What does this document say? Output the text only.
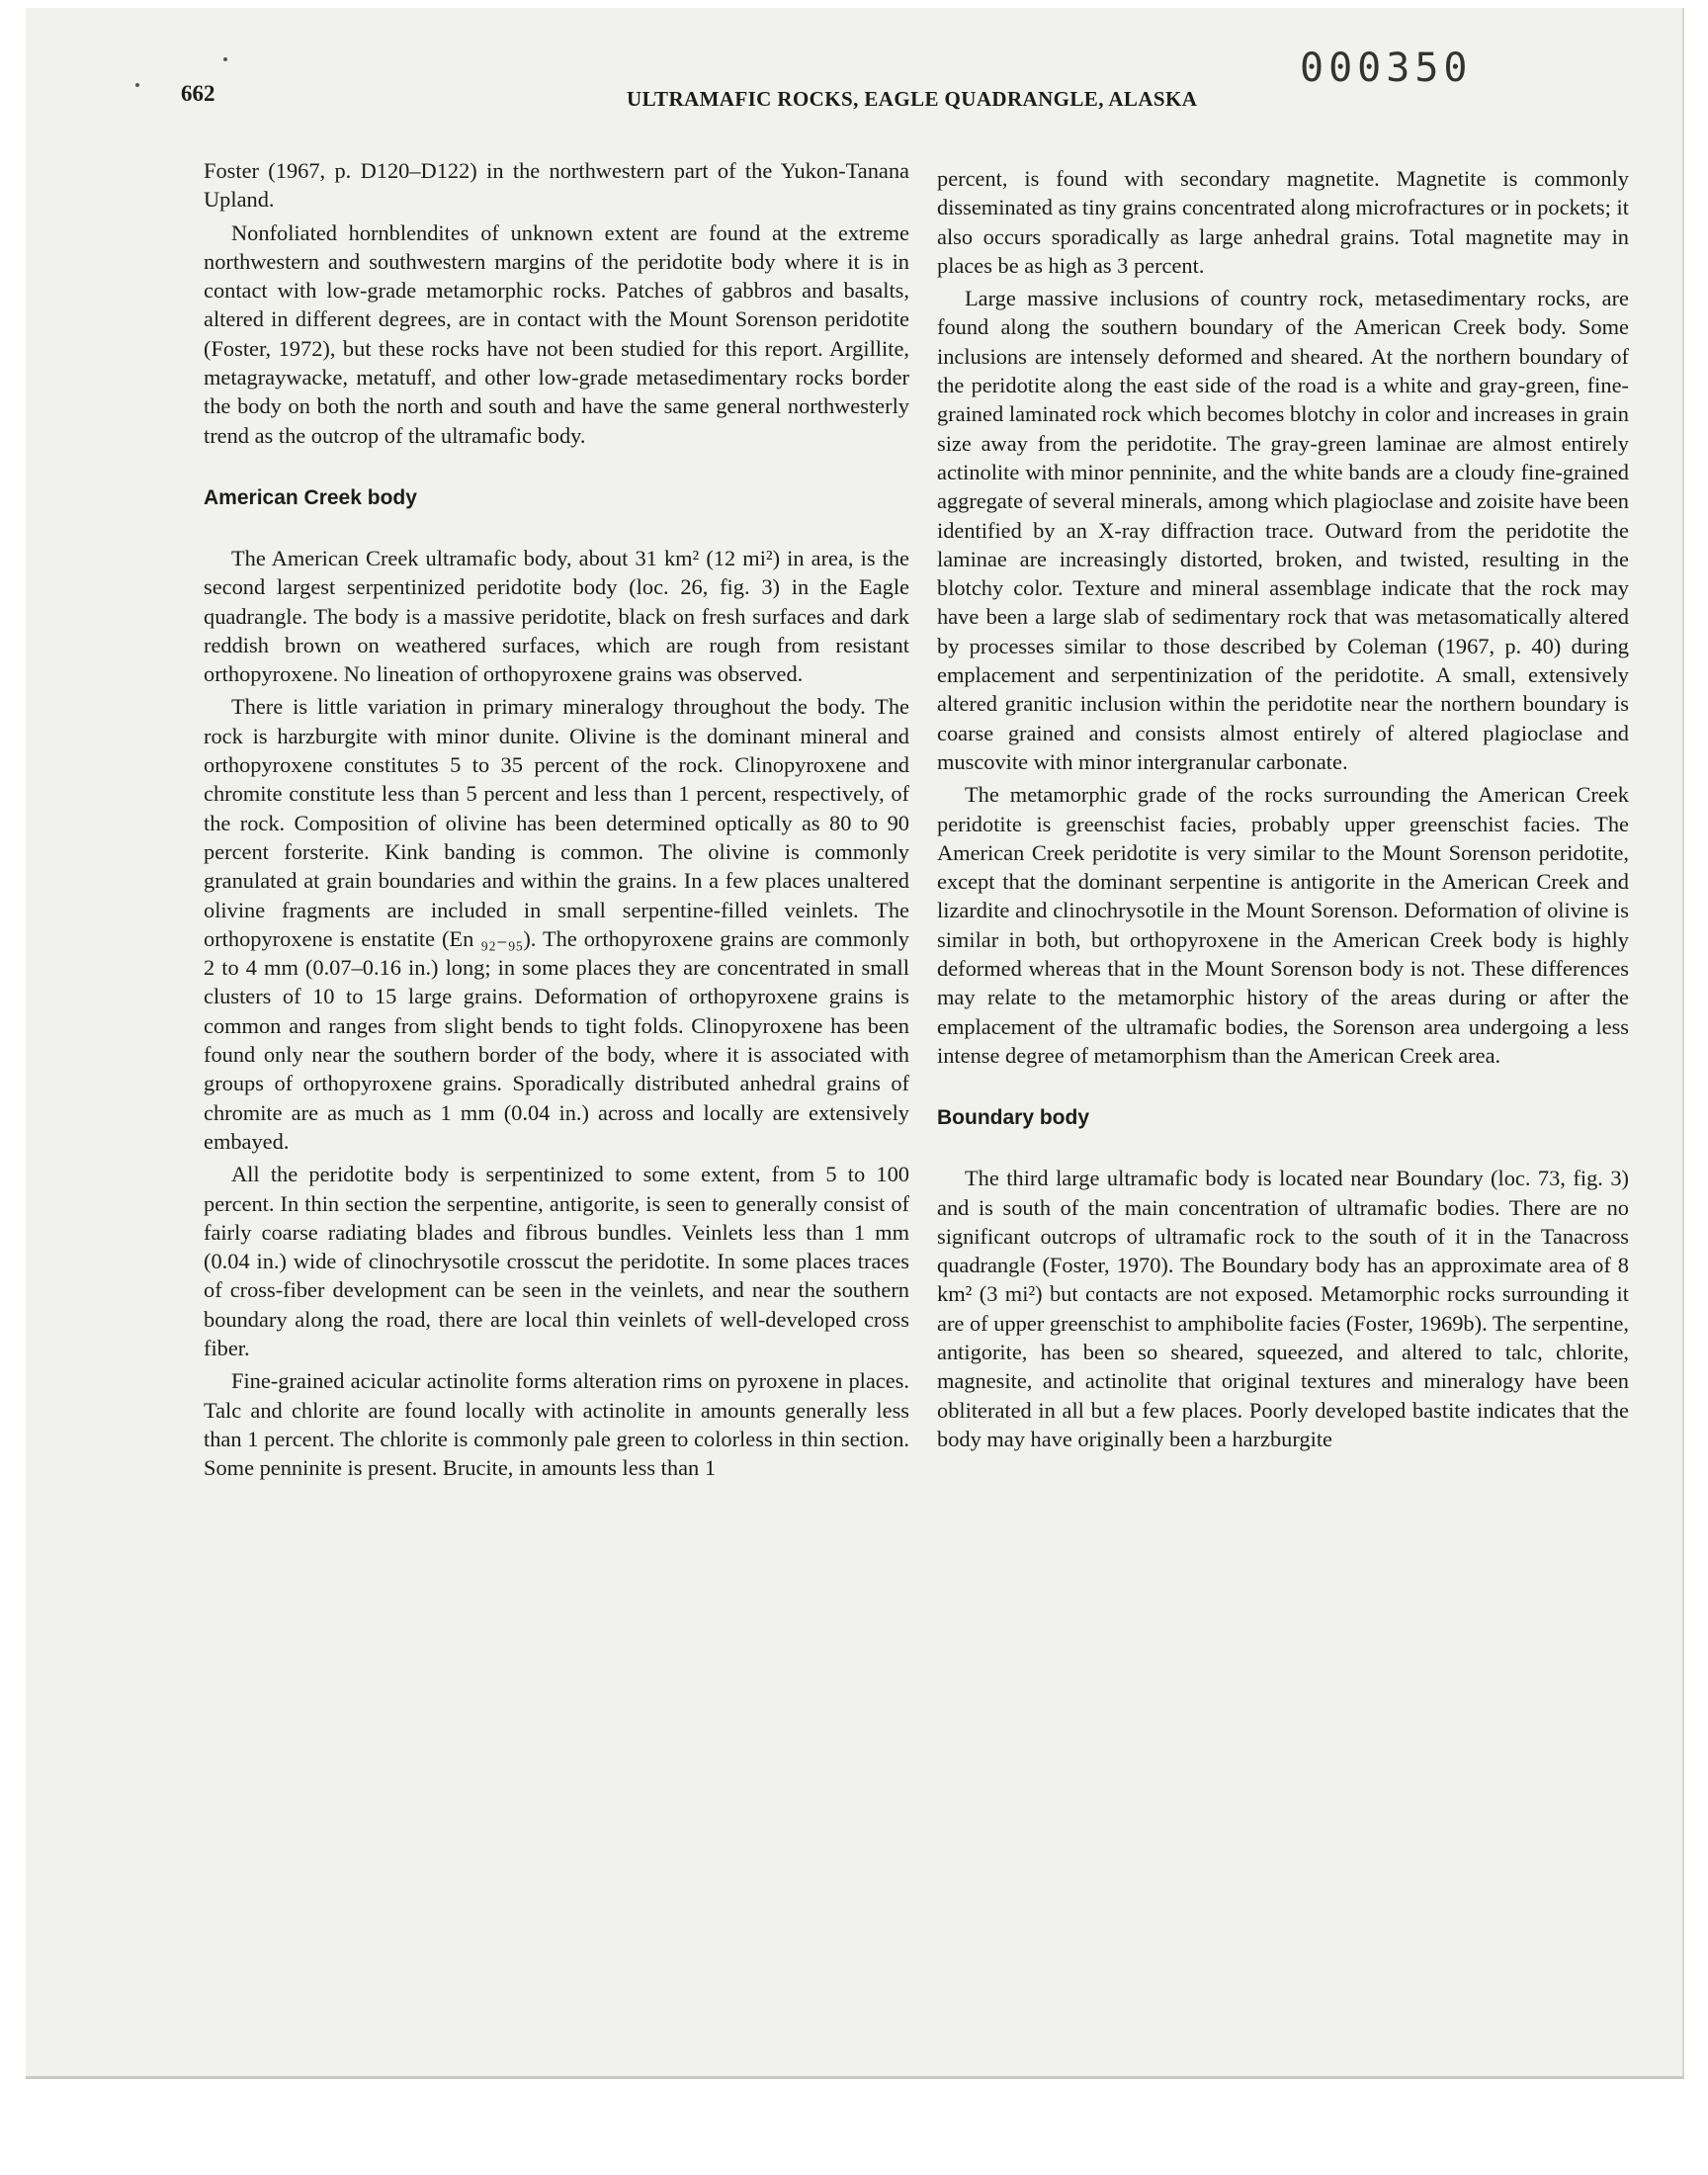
662	ULTRAMAFIC ROCKS, EAGLE QUADRANGLE, ALASKA
000350

Foster (1967, p. D120–D122) in the northwestern part of the Yukon-Tanana Upland.

Nonfoliated hornblendites of unknown extent are found at the extreme northwestern and southwestern margins of the peridotite body where it is in contact with low-grade metamorphic rocks. Patches of gabbros and basalts, altered in different degrees, are in contact with the Mount Sorenson peridotite (Foster, 1972), but these rocks have not been studied for this report. Argillite, metagraywacke, metatuff, and other low-grade metasedimentary rocks border the body on both the north and south and have the same general northwesterly trend as the outcrop of the ultramafic body.

American Creek body

The American Creek ultramafic body, about 31 km² (12 mi²) in area, is the second largest serpentinized peridotite body (loc. 26, fig. 3) in the Eagle quadrangle. The body is a massive peridotite, black on fresh surfaces and dark reddish brown on weathered surfaces, which are rough from resistant orthopyroxene. No lineation of orthopyroxene grains was observed.

There is little variation in primary mineralogy throughout the body. The rock is harzburgite with minor dunite. Olivine is the dominant mineral and orthopyroxene constitutes 5 to 35 percent of the rock. Clinopyroxene and chromite constitute less than 5 percent and less than 1 percent, respectively, of the rock. Composition of olivine has been determined optically as 80 to 90 percent forsterite. Kink banding is common. The olivine is commonly granulated at grain boundaries and within the grains. In a few places unaltered olivine fragments are included in small serpentine-filled veinlets. The orthopyroxene is enstatite (En ₉₂₋₉₅). The orthopyroxene grains are commonly 2 to 4 mm (0.07–0.16 in.) long; in some places they are concentrated in small clusters of 10 to 15 large grains. Deformation of orthopyroxene grains is common and ranges from slight bends to tight folds. Clinopyroxene has been found only near the southern border of the body, where it is associated with groups of orthopyroxene grains. Sporadically distributed anhedral grains of chromite are as much as 1 mm (0.04 in.) across and locally are extensively embayed.

All the peridotite body is serpentinized to some extent, from 5 to 100 percent. In thin section the serpentine, antigorite, is seen to generally consist of fairly coarse radiating blades and fibrous bundles. Veinlets less than 1 mm (0.04 in.) wide of clinochrysotile crosscut the peridotite. In some places traces of cross-fiber development can be seen in the veinlets, and near the southern boundary along the road, there are local thin veinlets of well-developed cross fiber.

Fine-grained acicular actinolite forms alteration rims on pyroxene in places. Talc and chlorite are found locally with actinolite in amounts generally less than 1 percent. The chlorite is commonly pale green to colorless in thin section. Some penninite is present. Brucite, in amounts less than 1

percent, is found with secondary magnetite. Magnetite is commonly disseminated as tiny grains concentrated along microfractures or in pockets; it also occurs sporadically as large anhedral grains. Total magnetite may in places be as high as 3 percent.

Large massive inclusions of country rock, metasedimentary rocks, are found along the southern boundary of the American Creek body. Some inclusions are intensely deformed and sheared. At the northern boundary of the peridotite along the east side of the road is a white and gray-green, fine-grained laminated rock which becomes blotchy in color and increases in grain size away from the peridotite. The gray-green laminae are almost entirely actinolite with minor penninite, and the white bands are a cloudy fine-grained aggregate of several minerals, among which plagioclase and zoisite have been identified by an X-ray diffraction trace. Outward from the peridotite the laminae are increasingly distorted, broken, and twisted, resulting in the blotchy color. Texture and mineral assemblage indicate that the rock may have been a large slab of sedimentary rock that was metasomatically altered by processes similar to those described by Coleman (1967, p. 40) during emplacement and serpentinization of the peridotite. A small, extensively altered granitic inclusion within the peridotite near the northern boundary is coarse grained and consists almost entirely of altered plagioclase and muscovite with minor intergranular carbonate.

The metamorphic grade of the rocks surrounding the American Creek peridotite is greenschist facies, probably upper greenschist facies. The American Creek peridotite is very similar to the Mount Sorenson peridotite, except that the dominant serpentine is antigorite in the American Creek and lizardite and clinochrysotile in the Mount Sorenson. Deformation of olivine is similar in both, but orthopyroxene in the American Creek body is highly deformed whereas that in the Mount Sorenson body is not. These differences may relate to the metamorphic history of the areas during or after the emplacement of the ultramafic bodies, the Sorenson area undergoing a less intense degree of metamorphism than the American Creek area.

Boundary body

The third large ultramafic body is located near Boundary (loc. 73, fig. 3) and is south of the main concentration of ultramafic bodies. There are no significant outcrops of ultramafic rock to the south of it in the Tanacross quadrangle (Foster, 1970). The Boundary body has an approximate area of 8 km² (3 mi²) but contacts are not exposed. Metamorphic rocks surrounding it are of upper greenschist to amphibolite facies (Foster, 1969b). The serpentine, antigorite, has been so sheared, squeezed, and altered to talc, chlorite, magnesite, and actinolite that original textures and mineralogy have been obliterated in all but a few places. Poorly developed bastite indicates that the body may have originally been a harzburgite
